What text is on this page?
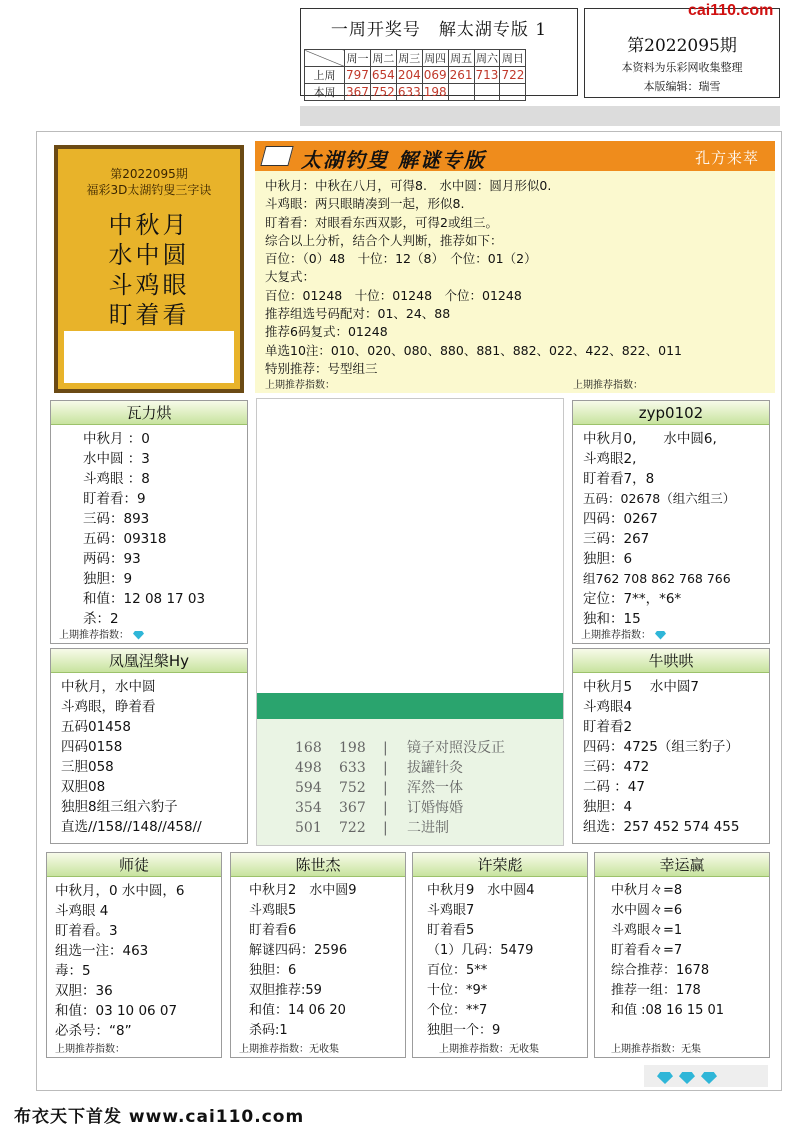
一周开奖号　解太湖专版 1
	周一	周二	周三	周四	周五	周六	周日
上周	797	654	204	069	261	713	722
本周	367	752	633	198			
第2022095期
本资料为乐彩网收集整理
本版编辑：瑞雪
cai110.com
第2022095期
福彩3D太湖钓叟三字诀
中秋月
水中圆
斗鸡眼
盯着看
太湖钓叟 解谜专版	孔方来萃
中秋月：中秋在八月，可得8.　水中圆：圆月形似0.
斗鸡眼：两只眼睛凑到一起，形似8.
盯着看：对眼看东西双影，可得2或组三。
综合以上分析，结合个人判断，推荐如下：
百位：（0）48　十位：12（8）　个位：01（2）
大复式：
百位：01248　十位：01248　个位：01248
推荐组选号码配对：01、24、88
推荐6码复式：01248
单选10注：010、020、080、880、881、882、022、422、822、011
特别推荐：号型组三
上期推荐指数：	上期推荐指数：
瓦力烘
中秋月 ：0
水中圆 ：3
斗鸡眼 ：8
盯着看：9
三码：893
五码：09318
两码：93
独胆：9
和值：12 08 17 03
杀：2
上期推荐指数：
zyp0102
中秋月0,　　水中圆6,
斗鸡眼2,
盯着看7，8
五码：02678（组六组三）
四码：0267
三码：267
独胆：6
组762 708 862 768 766
定位：7**，*6*
独和：15
上期推荐指数：
168 198 | 镜子对照没反正
498 633 | 拔罐针灸
594 752 | 浑然一体
354 367 | 订婚悔婚
501 722 | 二进制
凤凰涅槃Hy
中秋月，水中圆
斗鸡眼，睁着看
五码01458
四码0158
三胆058
双胆08
独胆8组三组六豹子
直选//158//148//458//
牛哄哄
中秋月5　 水中圆7
斗鸡眼4
盯着看2
四码：4725（组三豹子）
三码：472
二码 ：47
独胆：4
组选：257 452 574 455
师徒
中秋月，0 水中圆，6
斗鸡眼 4
盯着看。3
组选一注：463
毒：5
双胆：36
和值：03 10 06 07
必杀号：“8”
上期推荐指数：
陈世杰
中秋月2　水中圆9
斗鸡眼5
盯着看6
解谜四码：2596
独胆：6
双胆推荐:59
和值：14 06 20
杀码:1
上期推荐指数：无收集
许荣彪
中秋月9　水中圆4
斗鸡眼7
盯着看5
（1）几码：5479
百位：5**
十位：*9*
个位：**7
独胆一个：9
上期推荐指数：无收集
幸运赢
中秋月々=8
水中圆々=6
斗鸡眼々=1
盯着看々=7
综合推荐：1678
推荐一组：178
和值 :08 16 15 01
上期推荐指数：无集
布衣天下首发 www.cai110.com
